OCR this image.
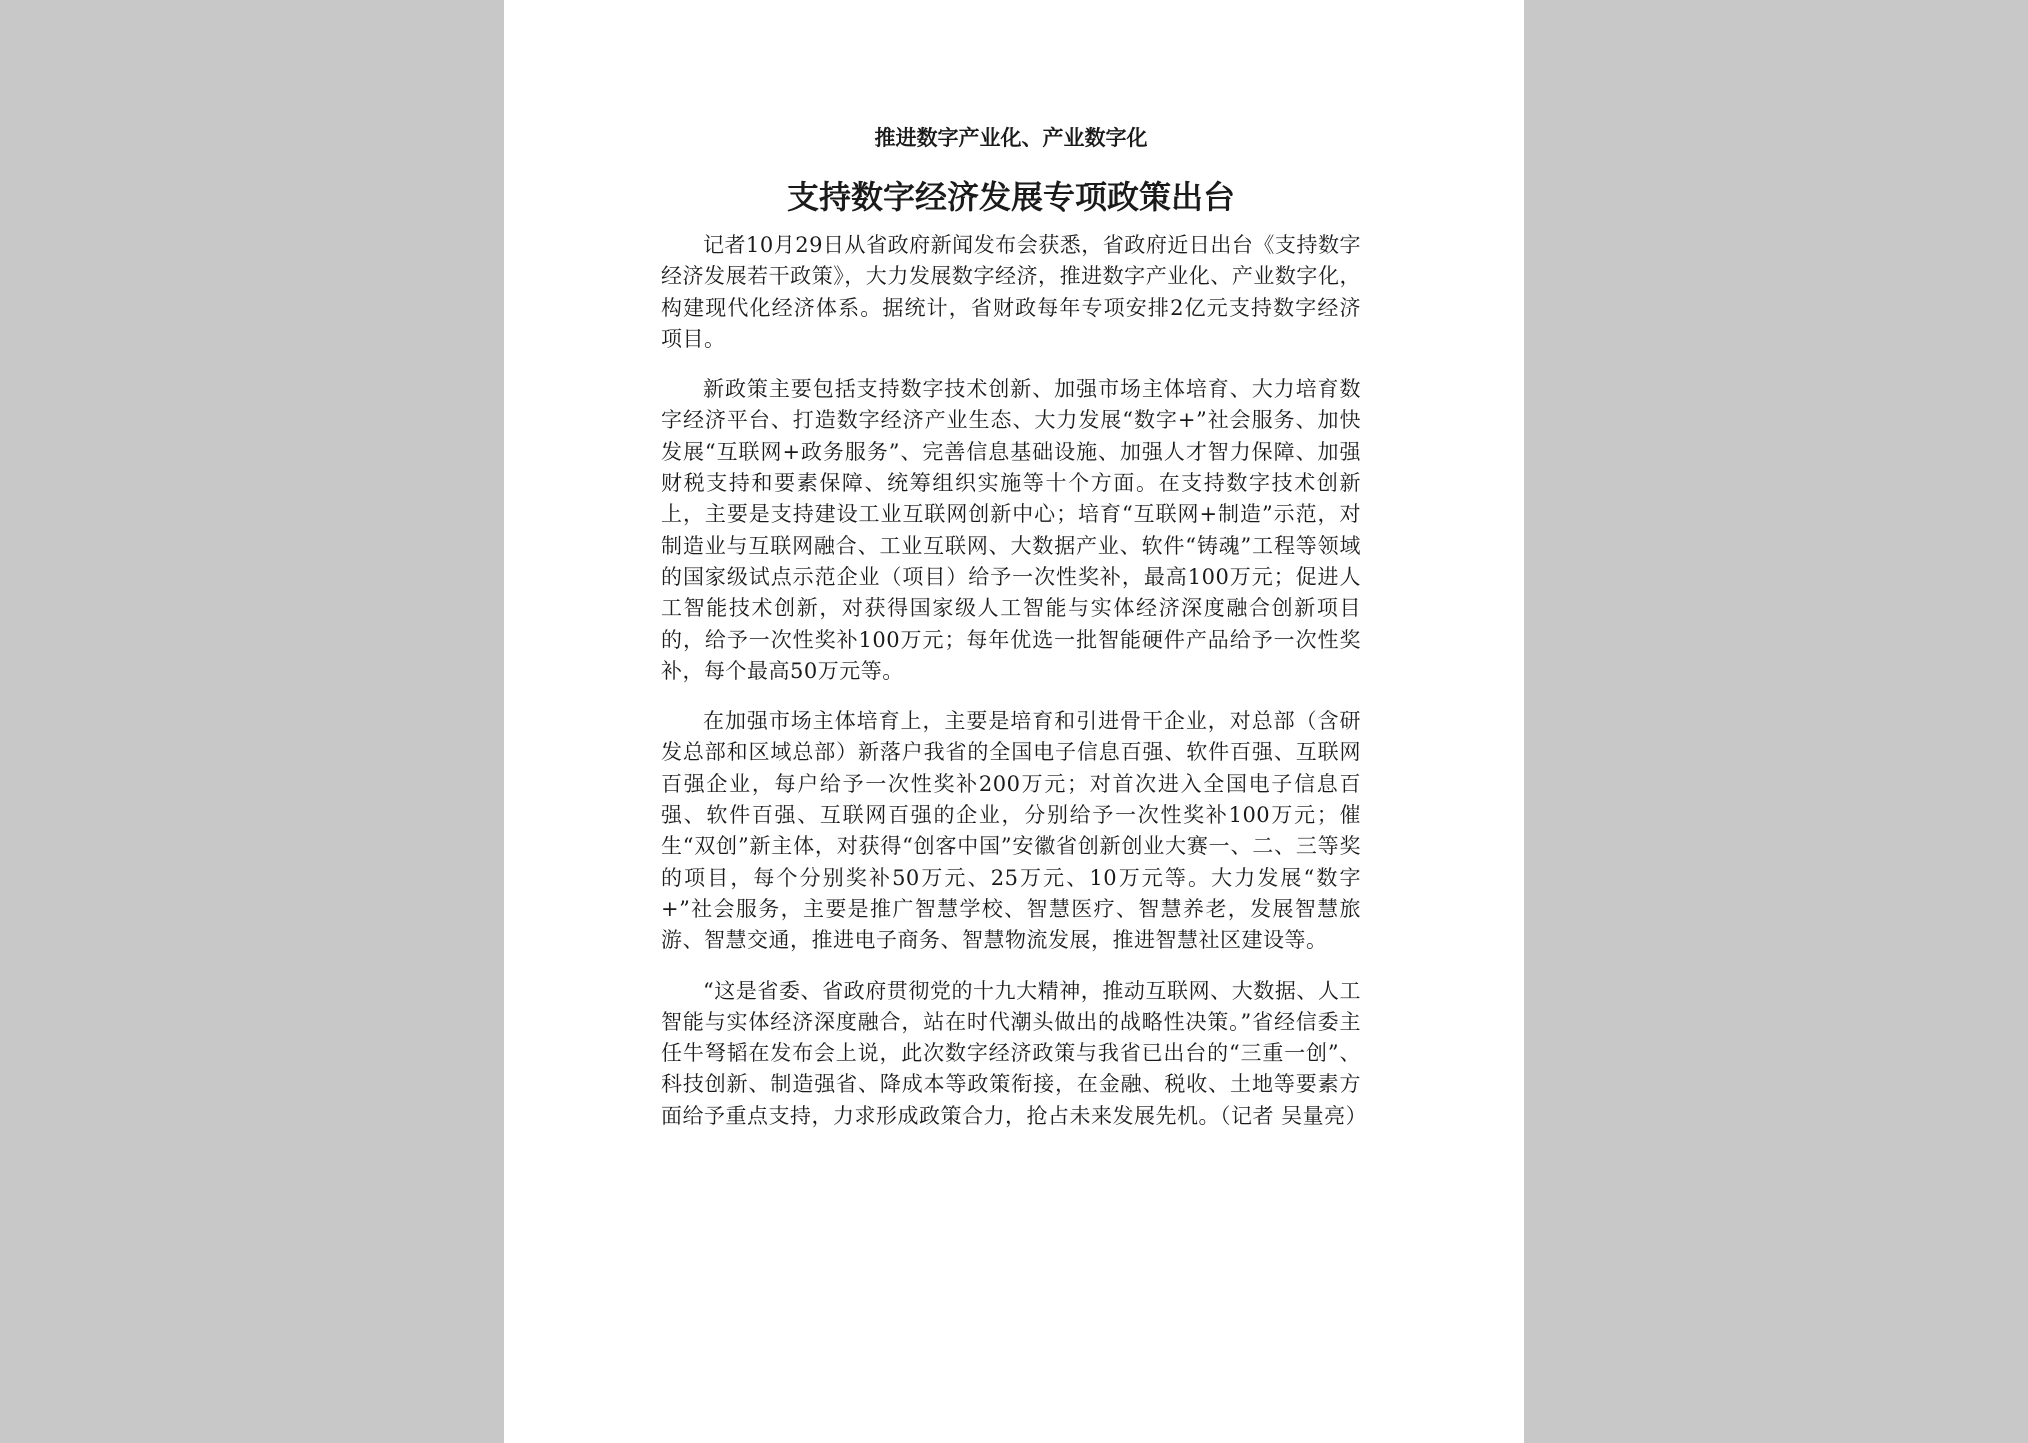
推进数字产业化、产业数字化
支持数字经济发展专项政策出台

记者10月29日从省政府新闻发布会获悉，省政府近日出台《支持数字经济发展若干政策》，大力发展数字经济，推进数字产业化、产业数字化，构建现代化经济体系。据统计，省财政每年专项安排2亿元支持数字经济项目。

新政策主要包括支持数字技术创新、加强市场主体培育、大力培育数字经济平台、打造数字经济产业生态、大力发展“数字+”社会服务、加快发展“互联网+政务服务”、完善信息基础设施、加强人才智力保障、加强财税支持和要素保障、统筹组织实施等十个方面。在支持数字技术创新上，主要是支持建设工业互联网创新中心；培育“互联网+制造”示范，对制造业与互联网融合、工业互联网、大数据产业、软件“铸魂”工程等领域的国家级试点示范企业（项目）给予一次性奖补，最高100万元；促进人工智能技术创新，对获得国家级人工智能与实体经济深度融合创新项目的，给予一次性奖补100万元；每年优选一批智能硬件产品给予一次性奖补，每个最高50万元等。

在加强市场主体培育上，主要是培育和引进骨干企业，对总部（含研发总部和区域总部）新落户我省的全国电子信息百强、软件百强、互联网百强企业，每户给予一次性奖补200万元；对首次进入全国电子信息百强、软件百强、互联网百强的企业，分别给予一次性奖补100万元；催生“双创”新主体，对获得“创客中国”安徽省创新创业大赛一、二、三等奖的项目，每个分别奖补50万元、25万元、10万元等。大力发展“数字+”社会服务，主要是推广智慧学校、智慧医疗、智慧养老，发展智慧旅游、智慧交通，推进电子商务、智慧物流发展，推进智慧社区建设等。

“这是省委、省政府贯彻党的十九大精神，推动互联网、大数据、人工智能与实体经济深度融合，站在时代潮头做出的战略性决策。”省经信委主任牛弩韬在发布会上说，此次数字经济政策与我省已出台的“三重一创”、科技创新、制造强省、降成本等政策衔接，在金融、税收、土地等要素方面给予重点支持，力求形成政策合力，抢占未来发展先机。（记者 吴量亮）
